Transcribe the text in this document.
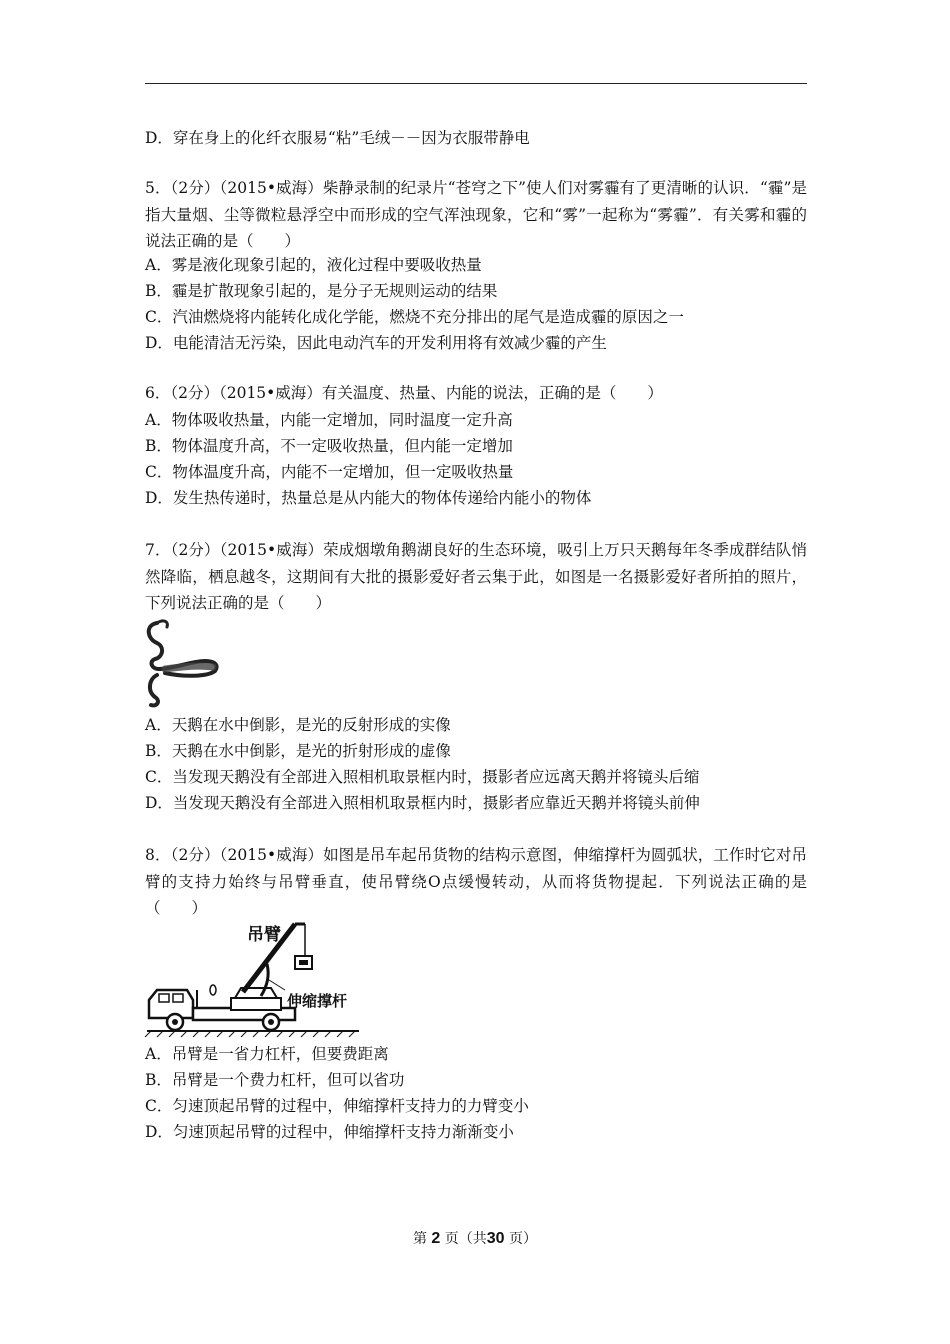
D．穿在身上的化纤衣服易“粘”毛绒－－因为衣服带静电
5．（2分）（2015•威海）柴静录制的纪录片“苍穹之下”使人们对雾霾有了更清晰的认识．“霾”是指大量烟、尘等微粒悬浮空中而形成的空气浑浊现象，它和“雾”一起称为“雾霾”．有关雾和霾的说法正确的是（　　）
A．雾是液化现象引起的，液化过程中要吸收热量
B．霾是扩散现象引起的，是分子无规则运动的结果
C．汽油燃烧将内能转化成化学能，燃烧不充分排出的尾气是造成霾的原因之一
D．电能清洁无污染，因此电动汽车的开发利用将有效减少霾的产生
6．（2分）（2015•威海）有关温度、热量、内能的说法，正确的是（　　）
A．物体吸收热量，内能一定增加，同时温度一定升高
B．物体温度升高，不一定吸收热量，但内能一定增加
C．物体温度升高，内能不一定增加，但一定吸收热量
D．发生热传递时，热量总是从内能大的物体传递给内能小的物体
7．（2分）（2015•威海）荣成烟墩角鹅湖良好的生态环境，吸引上万只天鹅每年冬季成群结队悄然降临，栖息越冬，这期间有大批的摄影爱好者云集于此，如图是一名摄影爱好者所拍的照片，下列说法正确的是（　　）
A．天鹅在水中倒影，是光的反射形成的实像
B．天鹅在水中倒影，是光的折射形成的虚像
C．当发现天鹅没有全部进入照相机取景框内时，摄影者应远离天鹅并将镜头后缩
D．当发现天鹅没有全部进入照相机取景框内时，摄影者应靠近天鹅并将镜头前伸
8．（2分）（2015•威海）如图是吊车起吊货物的结构示意图，伸缩撑杆为圆弧状，工作时它对吊臂的支持力始终与吊臂垂直，使吊臂绕O点缓慢转动，从而将货物提起．下列说法正确的是（　　）
吊臂
伸缩撑杆
A．吊臂是一省力杠杆，但要费距离
B．吊臂是一个费力杠杆，但可以省功
C．匀速顶起吊臂的过程中，伸缩撑杆支持力的力臂变小
D．匀速顶起吊臂的过程中，伸缩撑杆支持力渐渐变小
第 2 页（共30 页）
